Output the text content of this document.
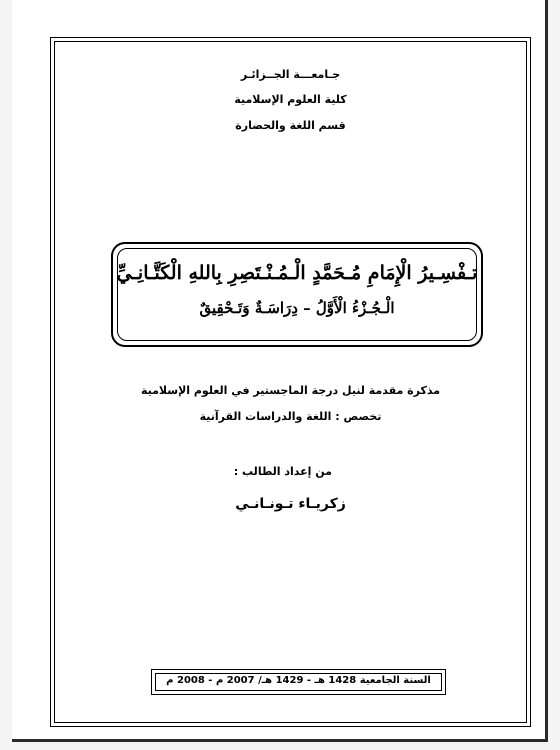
جـامعـــة الجــزائـر
كلية العلوم الإسلامية
قسم اللغة والحضارة
تـفْسِـيرُ الْإِمَامِ مُـحَمَّدٍ الْـمُـنْـتَصِرِ بِاللهِ الْكَتَّـانِـيِّ
الْـجُـزْءُ الْأَوَّلُ – دِرَاسَـةٌ وَتَـحْقِيقٌ
مذكرة مقدمة لنيل درجة الماجستير في العلوم الإسلامية
تخصص : اللغة والدراسات القرآنية
من إعداد الطالب :
زكريـاء تـونـانـي
السنة الجامعية 1428 هـ - 1429 هـ/ 2007 م - 2008 م
